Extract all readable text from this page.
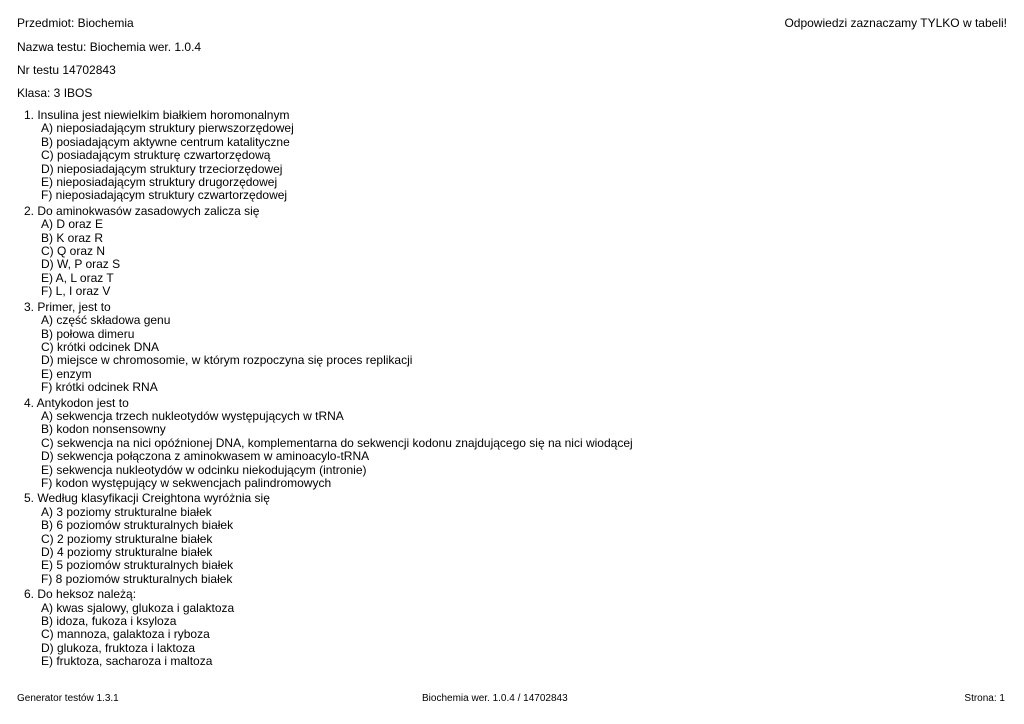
Przedmiot: Biochemia
Nazwa testu: Biochemia wer. 1.0.4
Nr testu 14702843
Klasa: 3 IBOS
Odpowiedzi zaznaczamy TYLKO w tabeli!
1. Insulina jest niewielkim białkiem horomonalnym
A) nieposiadającym struktury pierwszorzędowej
B) posiadającym aktywne centrum katalityczne
C) posiadającym strukturę czwartorzędową
D) nieposiadającym struktury trzeciorzędowej
E) nieposiadającym struktury drugorzędowej
F) nieposiadającym struktury czwartorzędowej
2. Do aminokwasów zasadowych zalicza się
A) D oraz E
B) K oraz R
C) Q oraz N
D) W, P oraz S
E) A, L oraz T
F) L, I oraz V
3. Primer, jest to
A) część składowa genu
B) połowa dimeru
C) krótki odcinek DNA
D) miejsce w chromosomie, w którym rozpoczyna się proces replikacji
E) enzym
F) krótki odcinek RNA
4. Antykodon jest to
A) sekwencja trzech nukleotydów występujących w tRNA
B) kodon nonsensowny
C) sekwencja na nici opóźnionej DNA, komplementarna do sekwencji kodonu znajdującego się na nici wiodącej
D) sekwencja połączona z aminokwasem w aminoacylo-tRNA
E) sekwencja nukleotydów w odcinku niekodującym (intronie)
F) kodon występujący w sekwencjach palindromowych
5. Według klasyfikacji Creightona wyróżnia się
A) 3 poziomy strukturalne białek
B) 6 poziomów strukturalnych białek
C) 2 poziomy strukturalne białek
D) 4 poziomy strukturalne białek
E) 5 poziomów strukturalnych białek
F) 8 poziomów strukturalnych białek
6. Do heksoz należą:
A) kwas sjalowy, glukoza i galaktoza
B) idoza, fukoza i ksyloza
C) mannoza, galaktoza i ryboza
D) glukoza, fruktoza i laktoza
E) fruktoza, sacharoza i maltoza
Generator testów 1.3.1	Biochemia wer. 1.0.4 / 14702843	Strona: 1
